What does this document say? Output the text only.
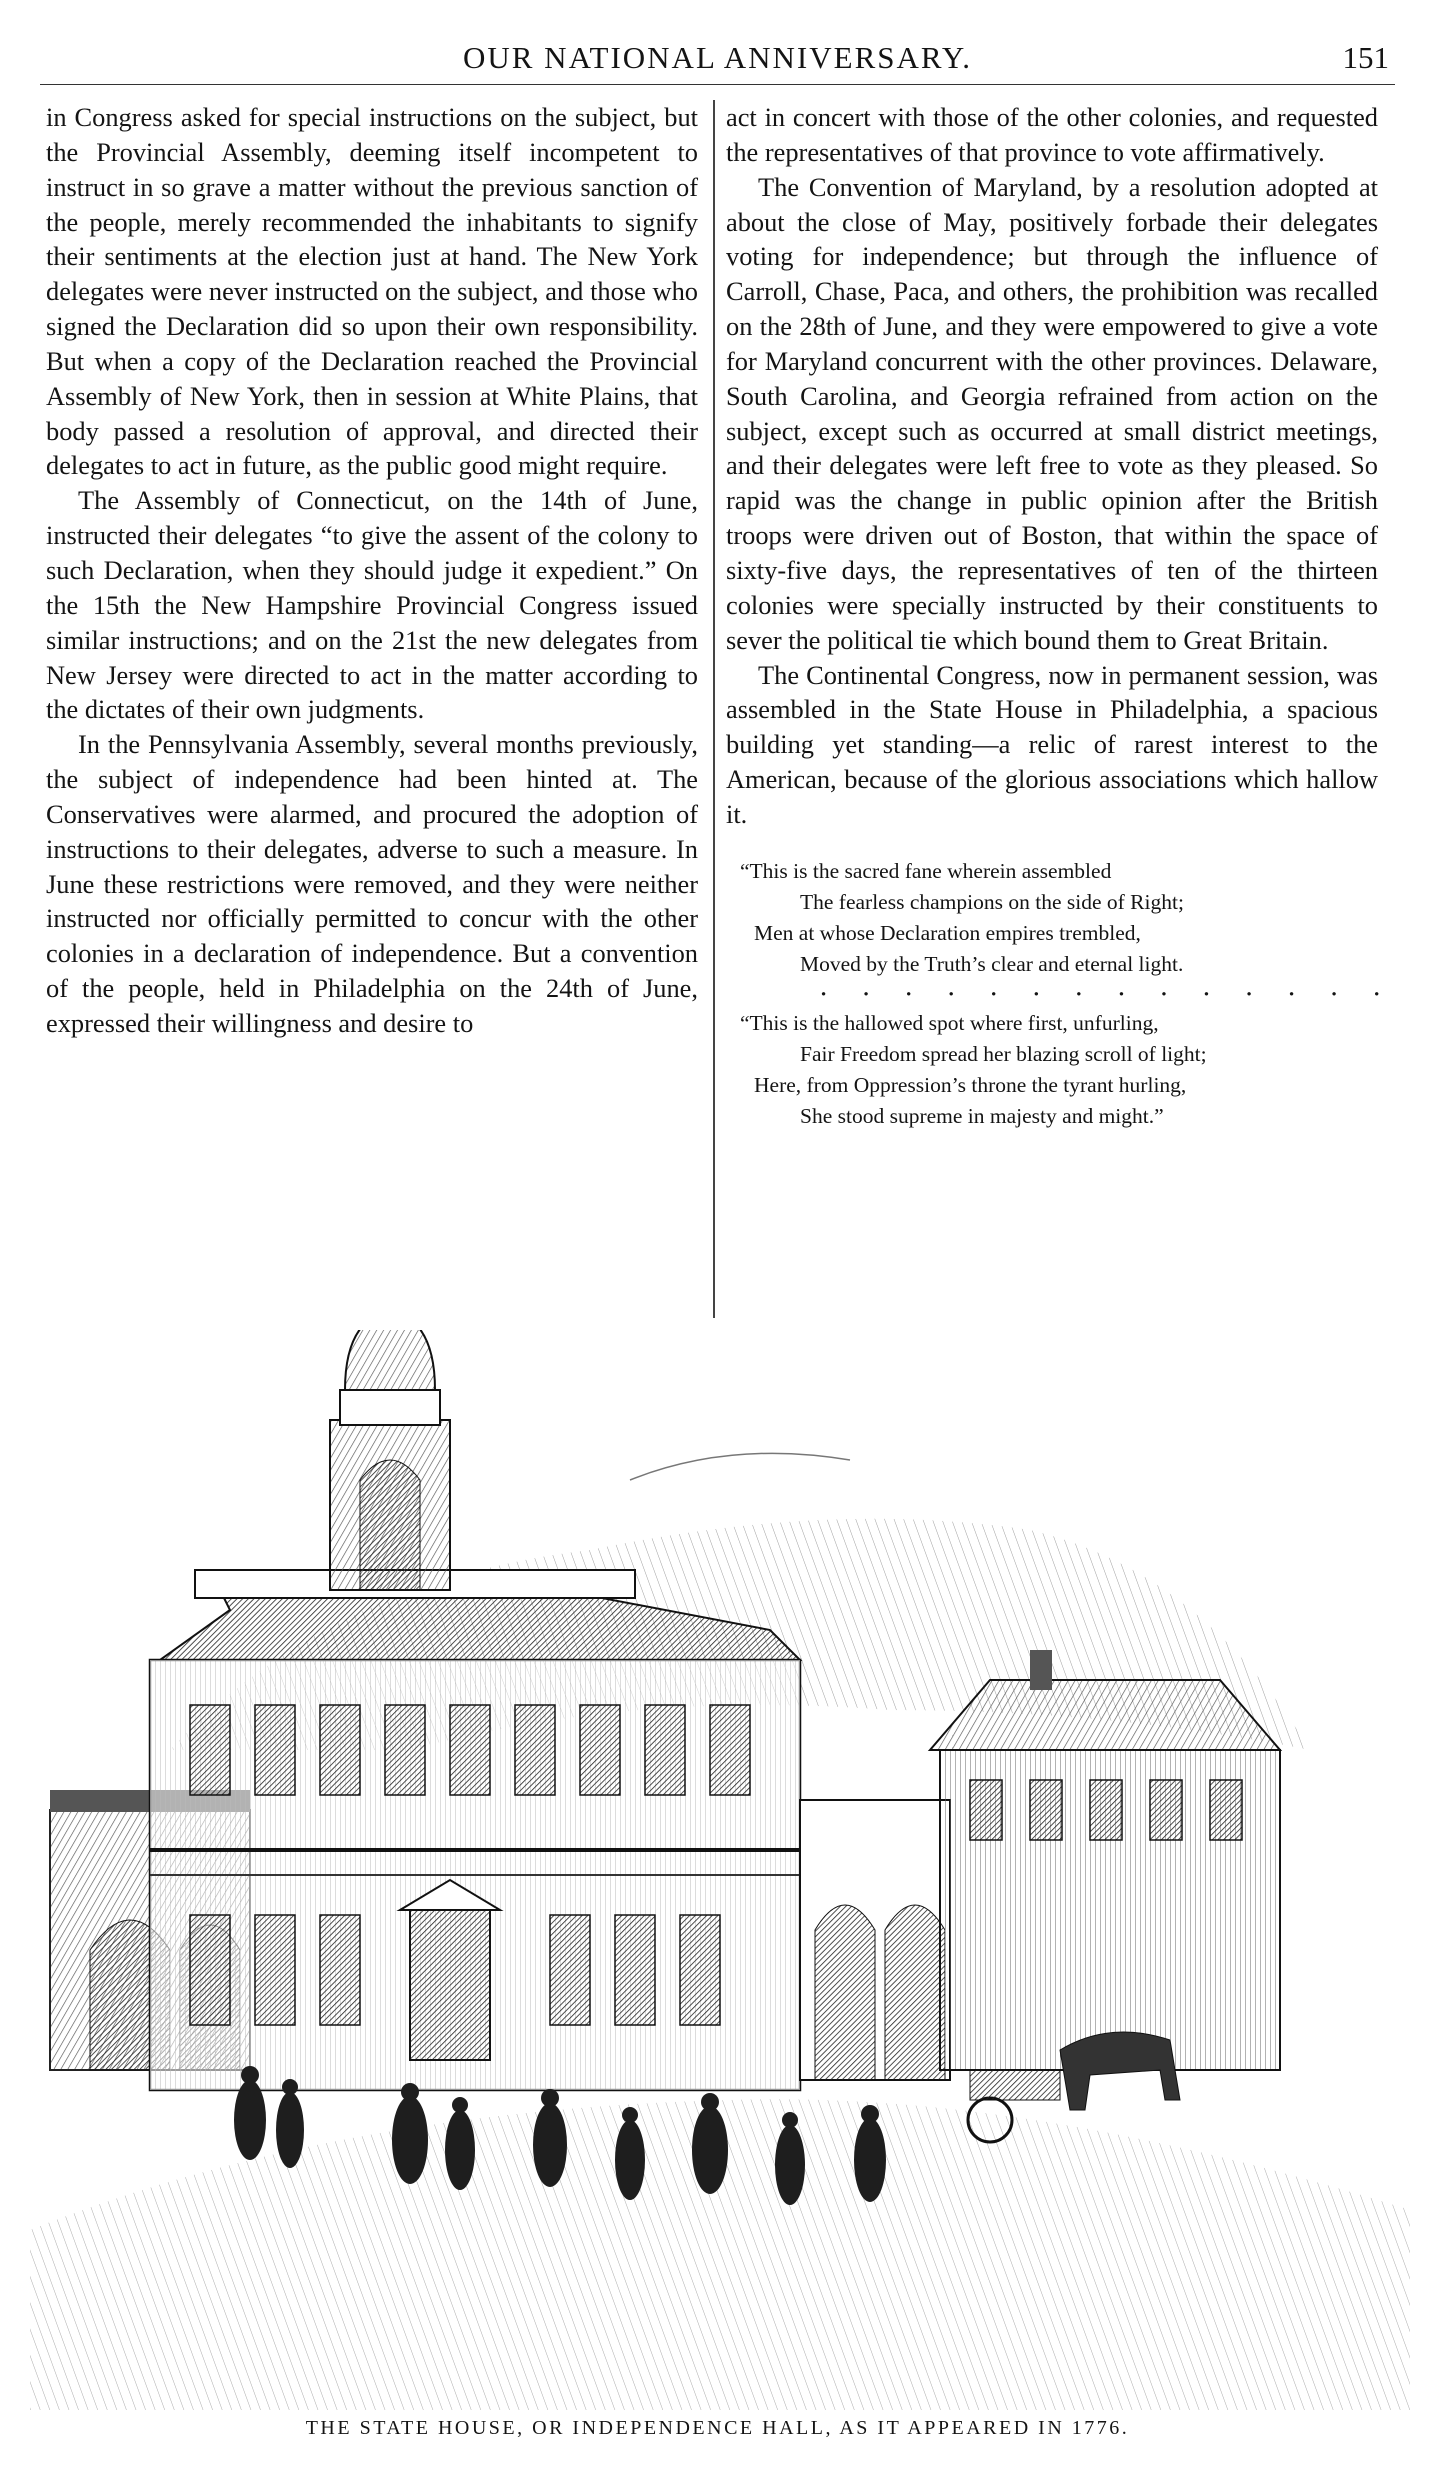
OUR NATIONAL ANNIVERSARY.	151

in Congress asked for special instructions on the subject, but the Provincial Assembly, deeming itself incompetent to instruct in so grave a matter without the previous sanction of the people, merely recommended the inhabitants to signify their sentiments at the election just at hand. The New York delegates were never instructed on the subject, and those who signed the Declaration did so upon their own responsibility. But when a copy of the Declaration reached the Provincial Assembly of New York, then in session at White Plains, that body passed a resolution of approval, and directed their delegates to act in future, as the public good might require.

The Assembly of Connecticut, on the 14th of June, instructed their delegates “to give the assent of the colony to such Declaration, when they should judge it expedient.” On the 15th the New Hampshire Provincial Congress issued similar instructions; and on the 21st the new delegates from New Jersey were directed to act in the matter according to the dictates of their own judgments.

In the Pennsylvania Assembly, several months previously, the subject of independence had been hinted at. The Conservatives were alarmed, and procured the adoption of instructions to their delegates, adverse to such a measure. In June these restrictions were removed, and they were neither instructed nor officially permitted to concur with the other colonies in a declaration of independence. But a convention of the people, held in Philadelphia on the 24th of June, expressed their willingness and desire to

act in concert with those of the other colonies, and requested the representatives of that province to vote affirmatively.

The Convention of Maryland, by a resolution adopted at about the close of May, positively forbade their delegates voting for independence; but through the influence of Carroll, Chase, Paca, and others, the prohibition was recalled on the 28th of June, and they were empowered to give a vote for Maryland concurrent with the other provinces. Delaware, South Carolina, and Georgia refrained from action on the subject, except such as occurred at small district meetings, and their delegates were left free to vote as they pleased. So rapid was the change in public opinion after the British troops were driven out of Boston, that within the space of sixty-five days, the representatives of ten of the thirteen colonies were specially instructed by their constituents to sever the political tie which bound them to Great Britain.

The Continental Congress, now in permanent session, was assembled in the State House in Philadelphia, a spacious building yet standing—a relic of rarest interest to the American, because of the glorious associations which hallow it.

“This is the sacred fane wherein assembled
The fearless champions on the side of Right;
Men at whose Declaration empires trembled,
Moved by the Truth’s clear and eternal light.
· · · · · · · · · · · · · ·
“This is the hallowed spot where first, unfurling,
Fair Freedom spread her blazing scroll of light;
Here, from Oppression’s throne the tyrant hurling,
She stood supreme in majesty and might.”
THE STATE HOUSE, OR INDEPENDENCE HALL, AS IT APPEARED IN 1776.
